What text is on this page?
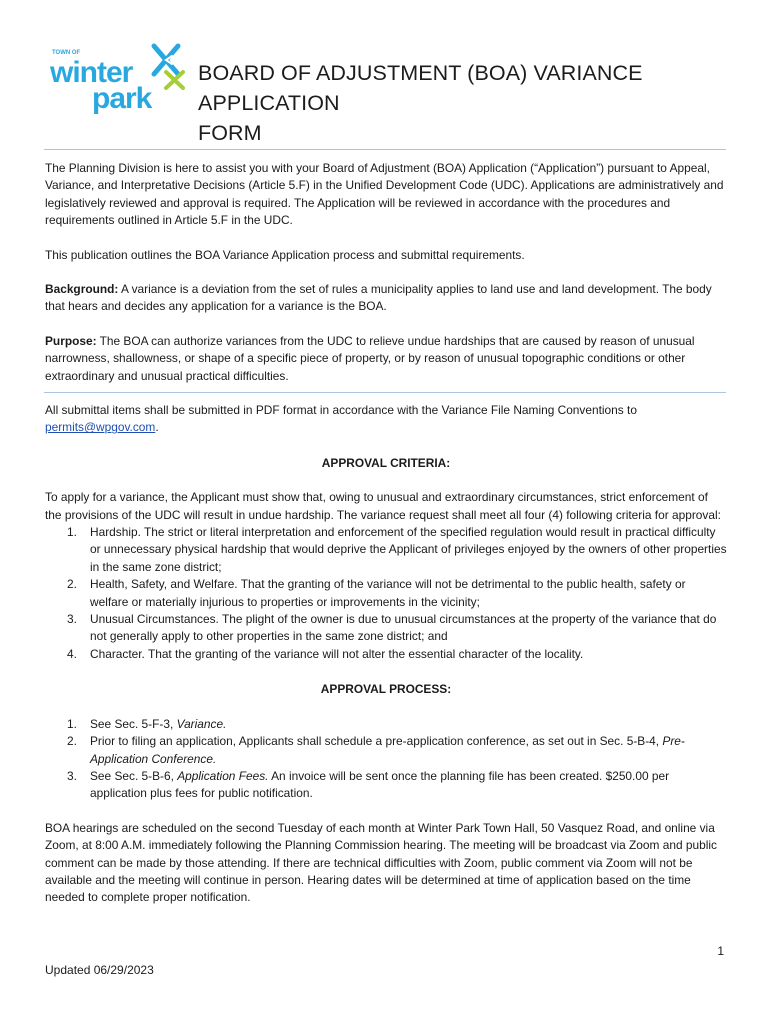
TOWN OF
winter
park
BOARD OF ADJUSTMENT (BOA) VARIANCE APPLICATION
FORM

The Planning Division is here to assist you with your Board of Adjustment (BOA) Application (“Application”) pursuant to Appeal, Variance, and Interpretative Decisions (Article 5.F) in the Unified Development Code (UDC). Applications are administratively and legislatively reviewed and approval is required. The Application will be reviewed in accordance with the procedures and requirements outlined in Article 5.F in the UDC.

This publication outlines the BOA Variance Application process and submittal requirements.

Background: A variance is a deviation from the set of rules a municipality applies to land use and land development. The body that hears and decides any application for a variance is the BOA.

Purpose: The BOA can authorize variances from the UDC to relieve undue hardships that are caused by reason of unusual narrowness, shallowness, or shape of a specific piece of property, or by reason of unusual topographic conditions or other extraordinary and unusual practical difficulties.

All submittal items shall be submitted in PDF format in accordance with the Variance File Naming Conventions to permits@wpgov.com.

APPROVAL CRITERIA:

To apply for a variance, the Applicant must show that, owing to unusual and extraordinary circumstances, strict enforcement of the provisions of the UDC will result in undue hardship. The variance request shall meet all four (4) following criteria for approval:

1. Hardship. The strict or literal interpretation and enforcement of the specified regulation would result in practical difficulty or unnecessary physical hardship that would deprive the Applicant of privileges enjoyed by the owners of other properties in the same zone district;
2. Health, Safety, and Welfare. That the granting of the variance will not be detrimental to the public health, safety or welfare or materially injurious to properties or improvements in the vicinity;
3. Unusual Circumstances. The plight of the owner is due to unusual circumstances at the property of the variance that do not generally apply to other properties in the same zone district; and
4. Character. That the granting of the variance will not alter the essential character of the locality.

APPROVAL PROCESS:

1. See Sec. 5-F-3, Variance.
2. Prior to filing an application, Applicants shall schedule a pre-application conference, as set out in Sec. 5-B-4, Pre-Application Conference.
3. See Sec. 5-B-6, Application Fees. An invoice will be sent once the planning file has been created. $250.00 per application plus fees for public notification.

BOA hearings are scheduled on the second Tuesday of each month at Winter Park Town Hall, 50 Vasquez Road, and online via Zoom, at 8:00 A.M. immediately following the Planning Commission hearing. The meeting will be broadcast via Zoom and public comment can be made by those attending. If there are technical difficulties with Zoom, public comment via Zoom will not be available and the meeting will continue in person. Hearing dates will be determined at time of application based on the time needed to complete proper notification.

1
Updated 06/29/2023
